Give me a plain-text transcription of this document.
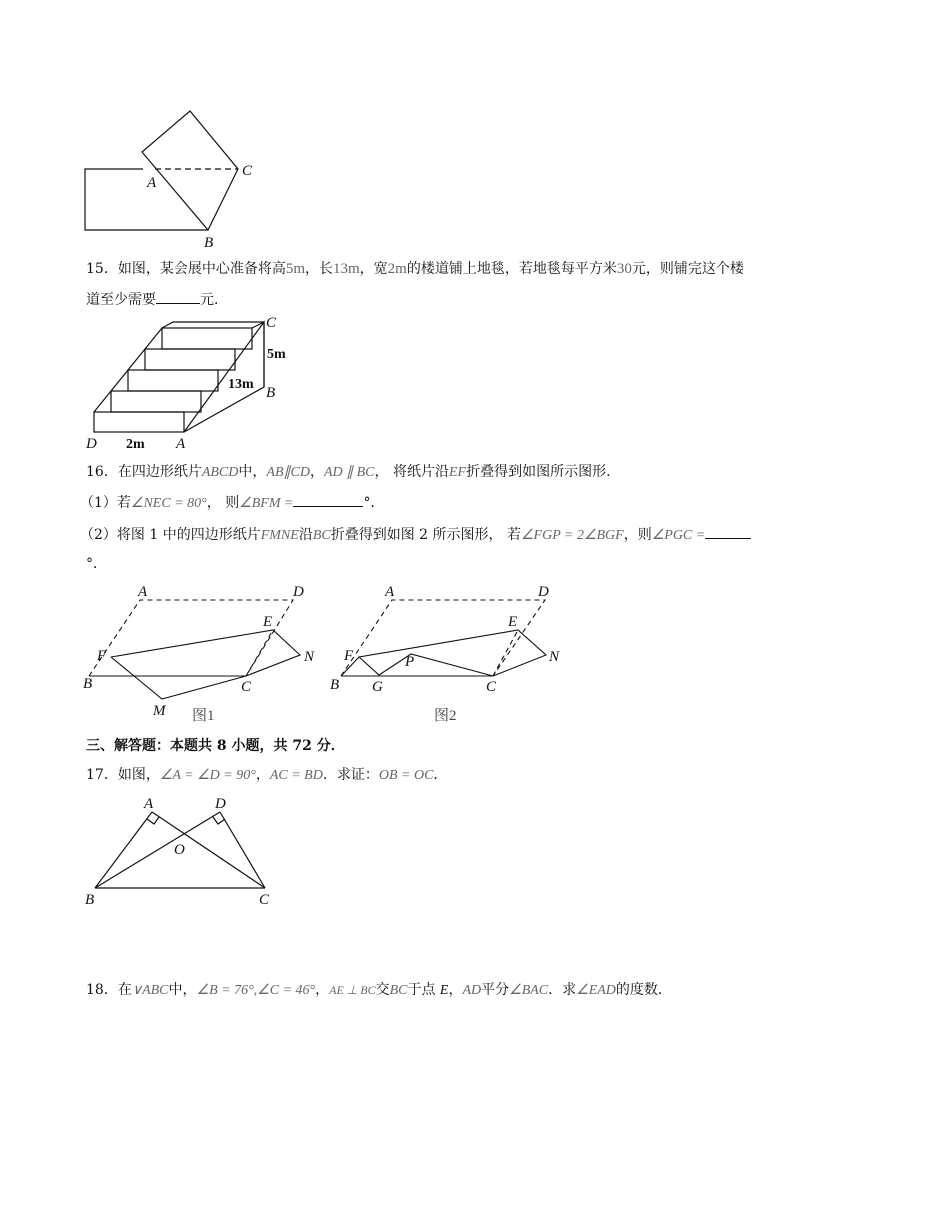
A
C
B
15．如图，某会展中心准备将高5m，长13m，宽2m的楼道铺上地毯，若地毯每平方米30元，则铺完这个楼
道至少需要	元．
C
5m
13m
B
D 2m A
16．在四边形纸片ABCD中，AB∥CD，AD ∥ BC， 将纸片沿EF折叠得到如图所示图形．
（1）若∠NEC = 80°， 则∠BFM =	°．
（2）将图 1 中的四边形纸片FMNE沿BC折叠得到如图 2 所示图形， 若∠FGP = 2∠BGF，则∠PGC =
°．
A	D
E
F	N
B	C
M 图1
A	D
E
F	N
B G
P
C
图2
三、解答题：本题共 8 小题，共 72 分．
17．如图，∠A = ∠D = 90°，AC = BD．求证：OB = OC．
A	D
O
B	C
18．在∨ABC中，∠B = 76°,∠C = 46°，AE ⊥ BC交BC于点 E，AD平分∠BAC．求∠EAD的度数．
